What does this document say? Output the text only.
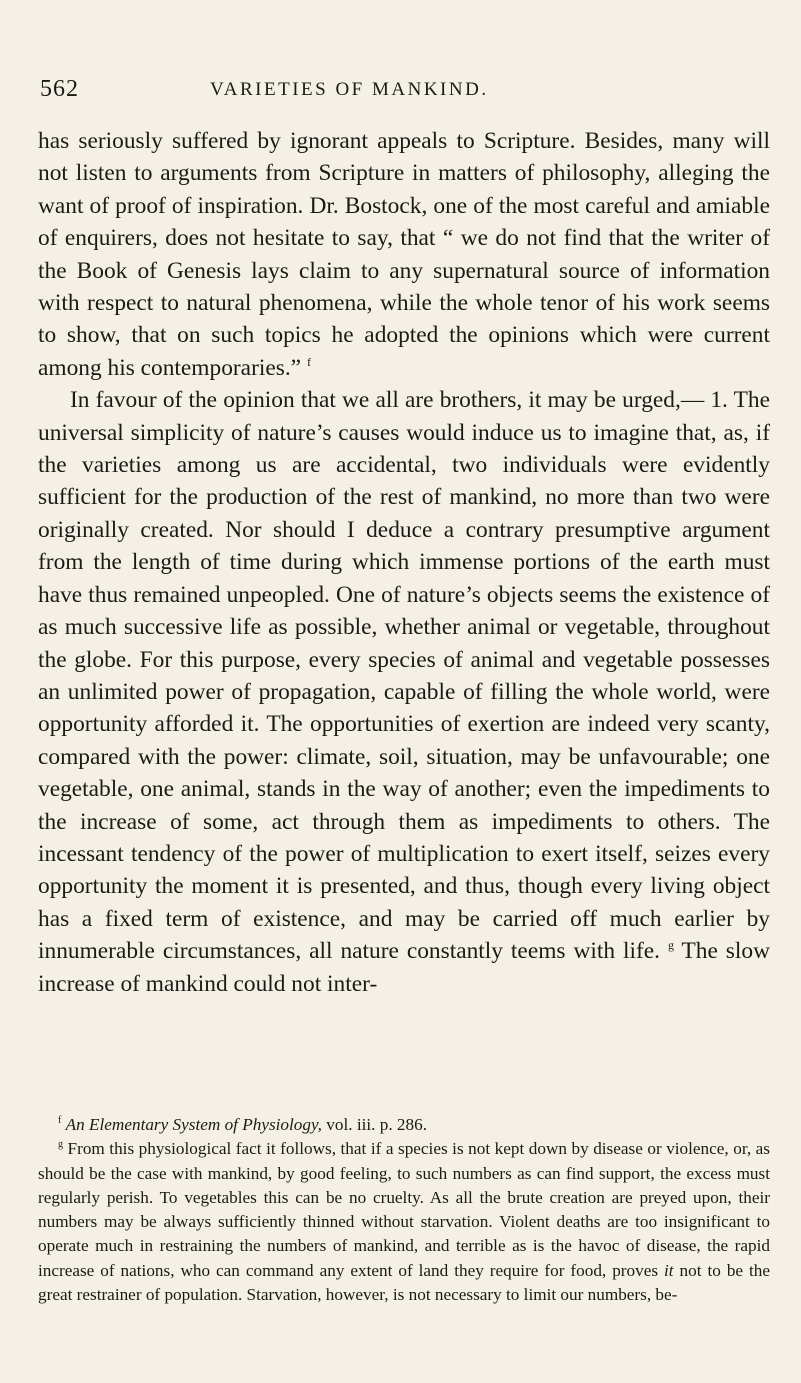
562	VARIETIES OF MANKIND.

has seriously suffered by ignorant appeals to Scripture. Besides, many will not listen to arguments from Scripture in matters of philosophy, alleging the want of proof of inspiration. Dr. Bostock, one of the most careful and amiable of enquirers, does not hesitate to say, that “ we do not find that the writer of the Book of Genesis lays claim to any supernatural source of information with respect to natural phenomena, while the whole tenor of his work seems to show, that on such topics he adopted the opinions which were current among his contemporaries.” $^f$

In favour of the opinion that we all are brothers, it may be urged,— 1. The universal simplicity of nature’s causes would induce us to imagine that, as, if the varieties among us are accidental, two individuals were evidently sufficient for the production of the rest of mankind, no more than two were originally created. Nor should I deduce a contrary presumptive argument from the length of time during which immense portions of the earth must have thus remained unpeopled. One of nature’s objects seems the existence of as much successive life as possible, whether animal or vegetable, throughout the globe. For this purpose, every species of animal and vegetable possesses an unlimited power of propagation, capable of filling the whole world, were opportunity afforded it. The opportunities of exertion are indeed very scanty, compared with the power: climate, soil, situation, may be unfavourable; one vegetable, one animal, stands in the way of another; even the impediments to the increase of some, act through them as impediments to others. The incessant tendency of the power of multiplication to exert itself, seizes every opportunity the moment it is presented, and thus, though every living object has a fixed term of existence, and may be carried off much earlier by innumerable circumstances, all nature constantly teems with life. $^g$ The slow increase of mankind could not inter-

$^f$ An Elementary System of Physiology, vol. iii. p. 286.

$^g$ From this physiological fact it follows, that if a species is not kept down by disease or violence, or, as should be the case with mankind, by good feeling, to such numbers as can find support, the excess must regularly perish. To vegetables this can be no cruelty. As all the brute creation are preyed upon, their numbers may be always sufficiently thinned without starvation. Violent deaths are too insignificant to operate much in restraining the numbers of mankind, and terrible as is the havoc of disease, the rapid increase of nations, who can command any extent of land they require for food, proves it not to be the great restrainer of population. Starvation, however, is not necessary to limit our numbers, be-
